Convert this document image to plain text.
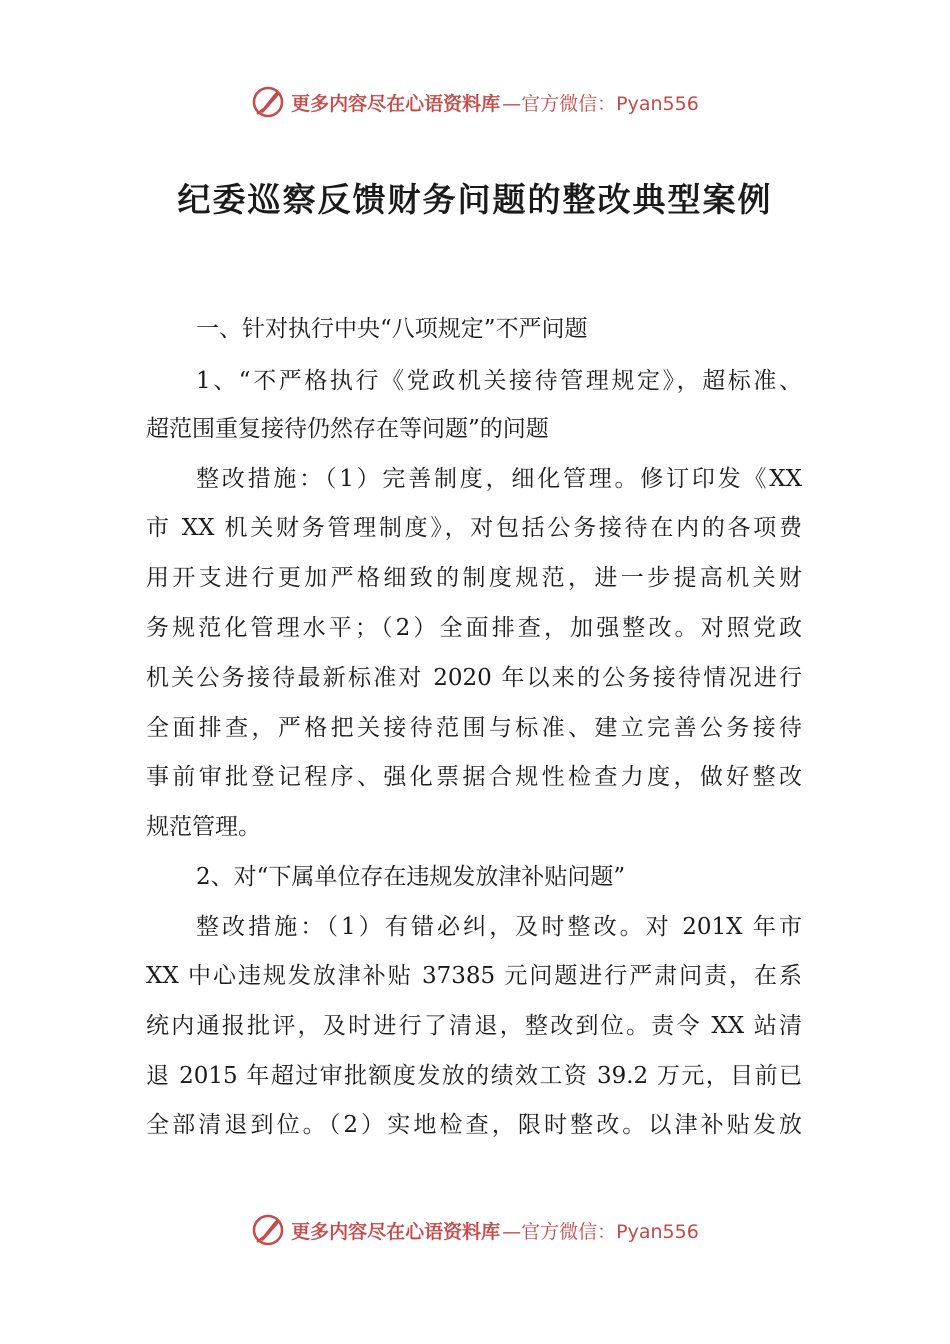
更多内容尽在心语资料库 —官方微信：Pyan556
纪委巡察反馈财务问题的整改典型案例

一、针对执行中央“八项规定”不严问题

1、“不严格执行《党政机关接待管理规定》，超标准、

超范围重复接待仍然存在等问题”的问题

整改措施：（1）完善制度，细化管理。修订印发《XX

市 XX 机关财务管理制度》，对包括公务接待在内的各项费

用开支进行更加严格细致的制度规范，进一步提高机关财

务规范化管理水平；（2）全面排查，加强整改。对照党政

机关公务接待最新标准对 2020 年以来的公务接待情况进行

全面排查，严格把关接待范围与标准、建立完善公务接待

事前审批登记程序、强化票据合规性检查力度，做好整改

规范管理。

2、对“下属单位存在违规发放津补贴问题”

整改措施：（1）有错必纠，及时整改。对 201X 年市

XX 中心违规发放津补贴 37385 元问题进行严肃问责，在系

统内通报批评，及时进行了清退，整改到位。责令 XX 站清

退 2015 年超过审批额度发放的绩效工资 39.2 万元，目前已

全部清退到位。（2）实地检查，限时整改。以津补贴发放

更多内容尽在心语资料库 —官方微信：Pyan556
